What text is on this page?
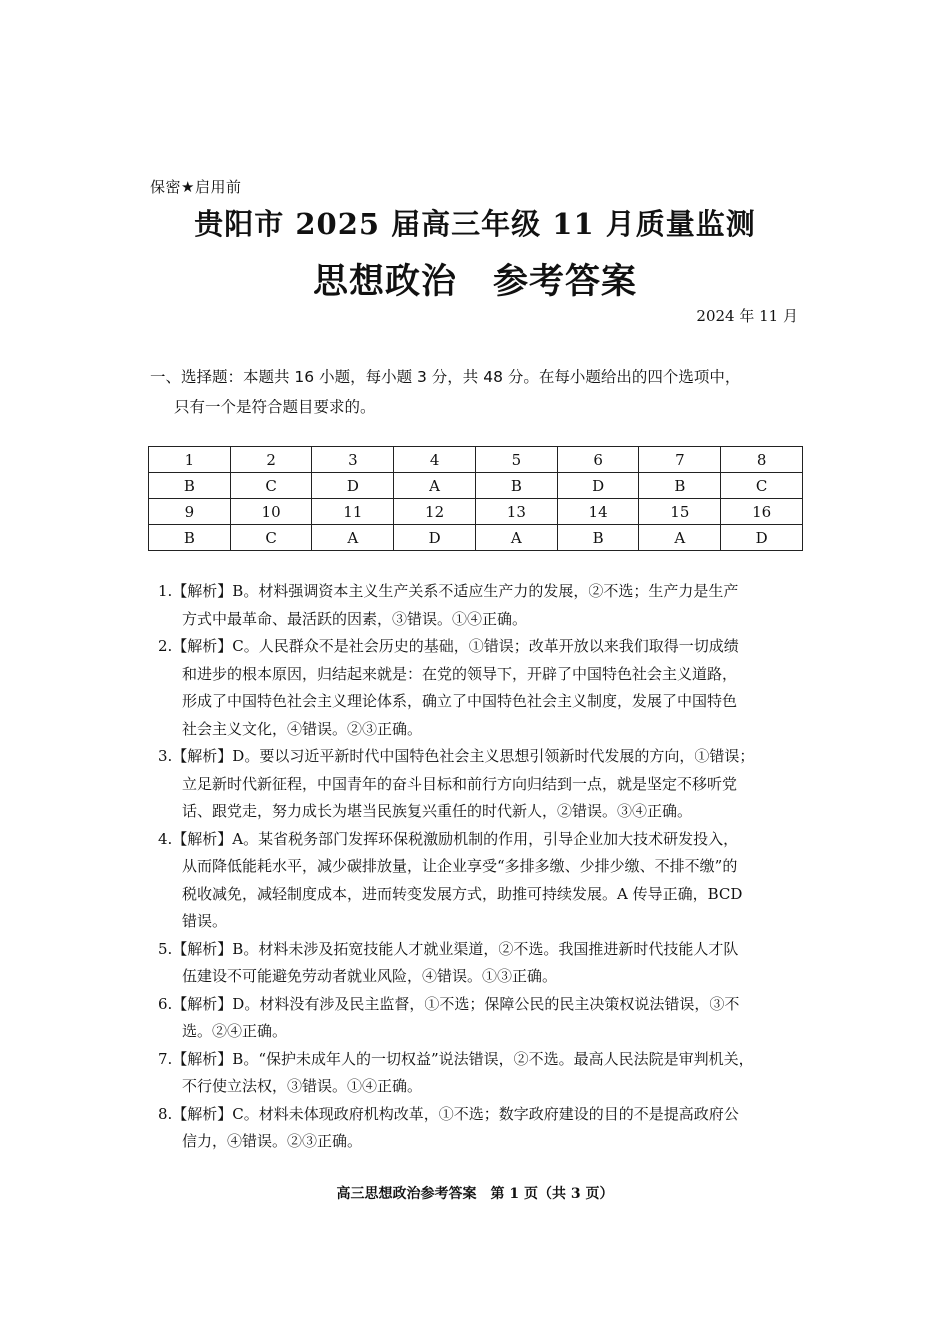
保密★启用前
贵阳市 2025 届高三年级 11 月质量监测
思想政治　参考答案
2024 年 11 月
一、选择题：本题共 16 小题，每小题 3 分，共 48 分。在每小题给出的四个选项中，
只有一个是符合题目要求的。
1	2	3	4	5	6	7	8
B	C	D	A	B	D	B	C
9	10	11	12	13	14	15	16
B	C	A	D	A	B	A	D
1.【解析】B。材料强调资本主义生产关系不适应生产力的发展，②不选；生产力是生产
方式中最革命、最活跃的因素，③错误。①④正确。
2.【解析】C。人民群众不是社会历史的基础，①错误；改革开放以来我们取得一切成绩
和进步的根本原因，归结起来就是：在党的领导下，开辟了中国特色社会主义道路，
形成了中国特色社会主义理论体系，确立了中国特色社会主义制度，发展了中国特色
社会主义文化，④错误。②③正确。
3.【解析】D。要以习近平新时代中国特色社会主义思想引领新时代发展的方向，①错误；
立足新时代新征程，中国青年的奋斗目标和前行方向归结到一点，就是坚定不移听党
话、跟党走，努力成长为堪当民族复兴重任的时代新人，②错误。③④正确。
4.【解析】A。某省税务部门发挥环保税激励机制的作用，引导企业加大技术研发投入，
从而降低能耗水平，减少碳排放量，让企业享受“多排多缴、少排少缴、不排不缴”的
税收减免，减轻制度成本，进而转变发展方式，助推可持续发展。A 传导正确，BCD
错误。
5.【解析】B。材料未涉及拓宽技能人才就业渠道，②不选。我国推进新时代技能人才队
伍建设不可能避免劳动者就业风险，④错误。①③正确。
6.【解析】D。材料没有涉及民主监督，①不选；保障公民的民主决策权说法错误，③不
选。②④正确。
7.【解析】B。“保护未成年人的一切权益”说法错误，②不选。最高人民法院是审判机关，
不行使立法权，③错误。①④正确。
8.【解析】C。材料未体现政府机构改革，①不选；数字政府建设的目的不是提高政府公
信力，④错误。②③正确。
高三思想政治参考答案　第 1 页（共 3 页）
